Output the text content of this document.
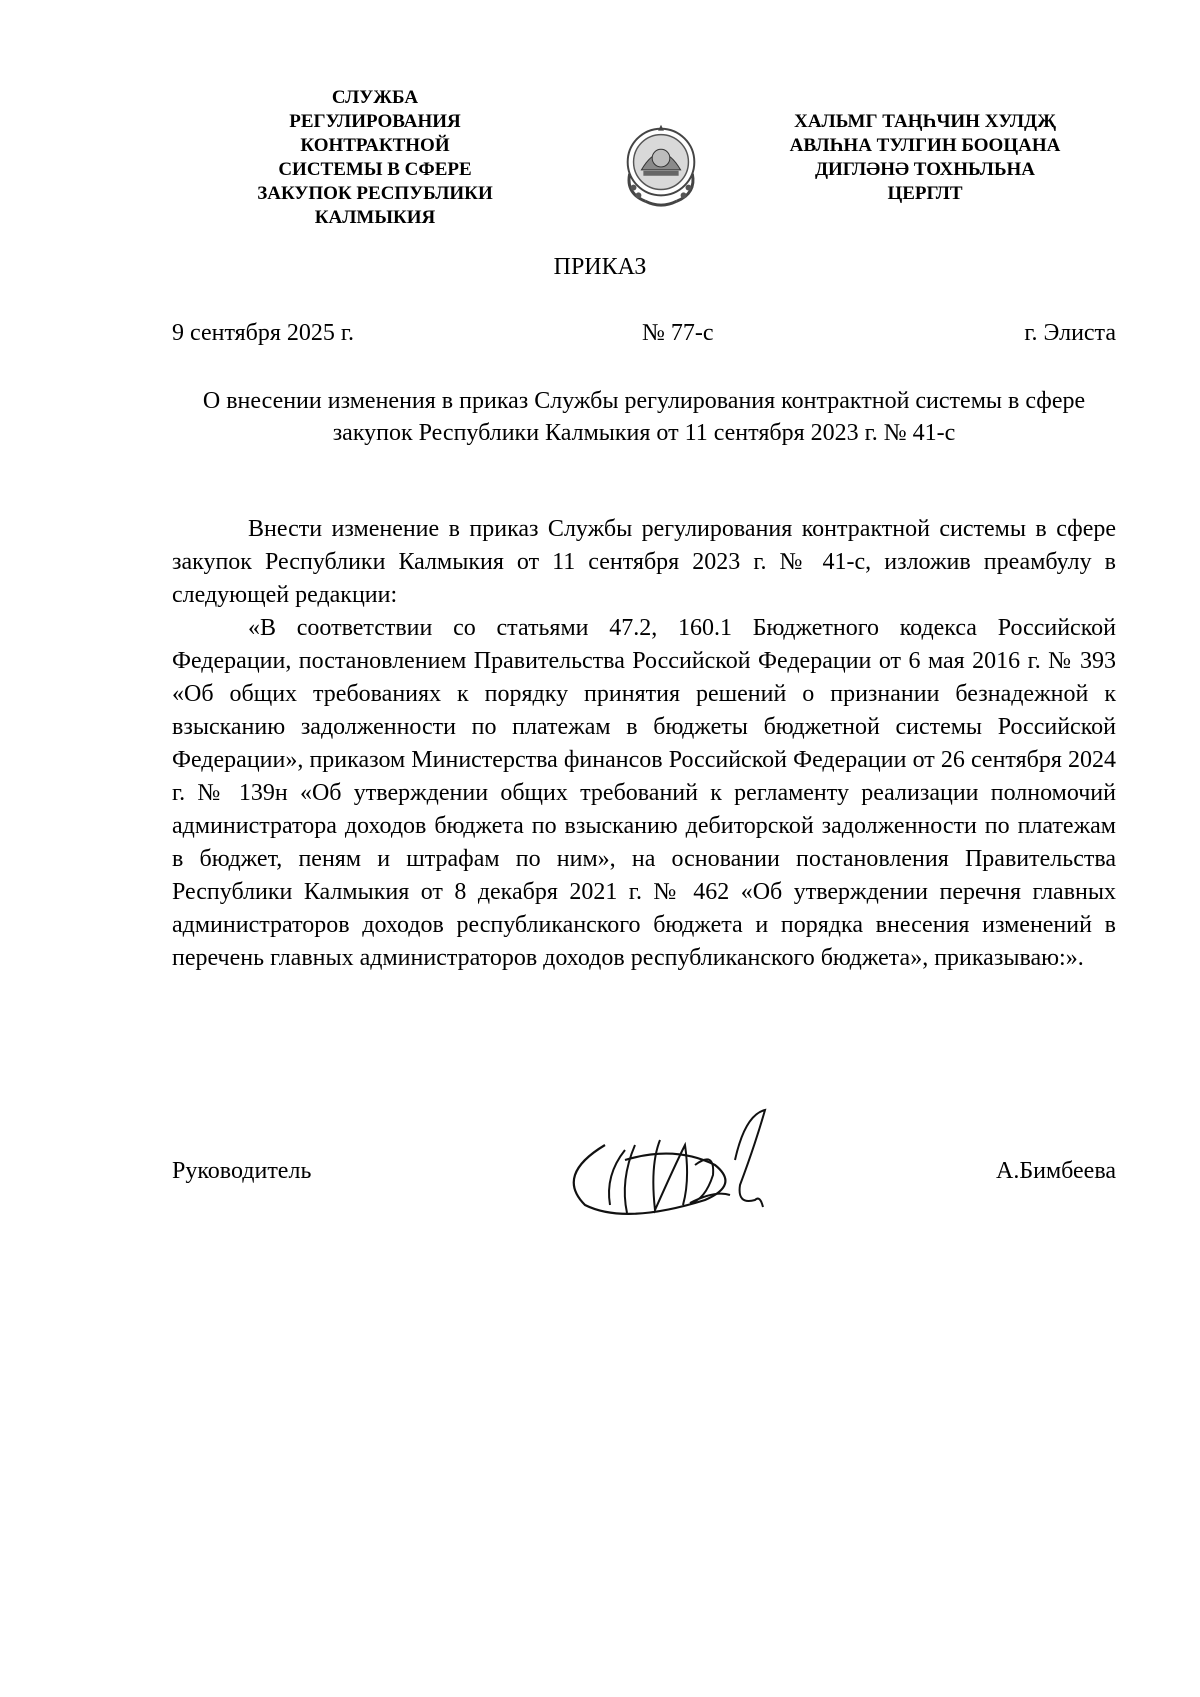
СЛУЖБА
РЕГУЛИРОВАНИЯ
КОНТРАКТНОЙ
СИСТЕМЫ В СФЕРЕ
ЗАКУПОК РЕСПУБЛИКИ
КАЛМЫКИЯ
ХАЛЬМГ ТАҢҺЧИН ХУЛДҖ
АВЛҺНА ТУЛГИН БООЦАНА
ДИГЛӘНӘ ТОХНЬЛЬНА
ЦЕРГЛТ
ПРИКАЗ
9 сентября 2025 г.	№ 77-с	г. Элиста
О внесении изменения в приказ Службы регулирования контрактной системы в сфере закупок Республики Калмыкия от 11 сентября 2023 г. № 41-с

Внести изменение в приказ Службы регулирования контрактной системы в сфере закупок Республики Калмыкия от 11 сентября 2023 г. № 41-с, изложив преамбулу в следующей редакции:

«В соответствии со статьями 47.2, 160.1 Бюджетного кодекса Российской Федерации, постановлением Правительства Российской Федерации от 6 мая 2016 г. № 393 «Об общих требованиях к порядку принятия решений о признании безнадежной к взысканию задолженности по платежам в бюджеты бюджетной системы Российской Федерации», приказом Министерства финансов Российской Федерации от 26 сентября 2024 г. № 139н «Об утверждении общих требований к регламенту реализации полномочий администратора доходов бюджета по взысканию дебиторской задолженности по платежам в бюджет, пеням и штрафам по ним», на основании постановления Правительства Республики Калмыкия от 8 декабря 2021 г. № 462 «Об утверждении перечня главных администраторов доходов республиканского бюджета и порядка внесения изменений в перечень главных администраторов доходов республиканского бюджета», приказываю:».

Руководитель	А.Бимбеева
